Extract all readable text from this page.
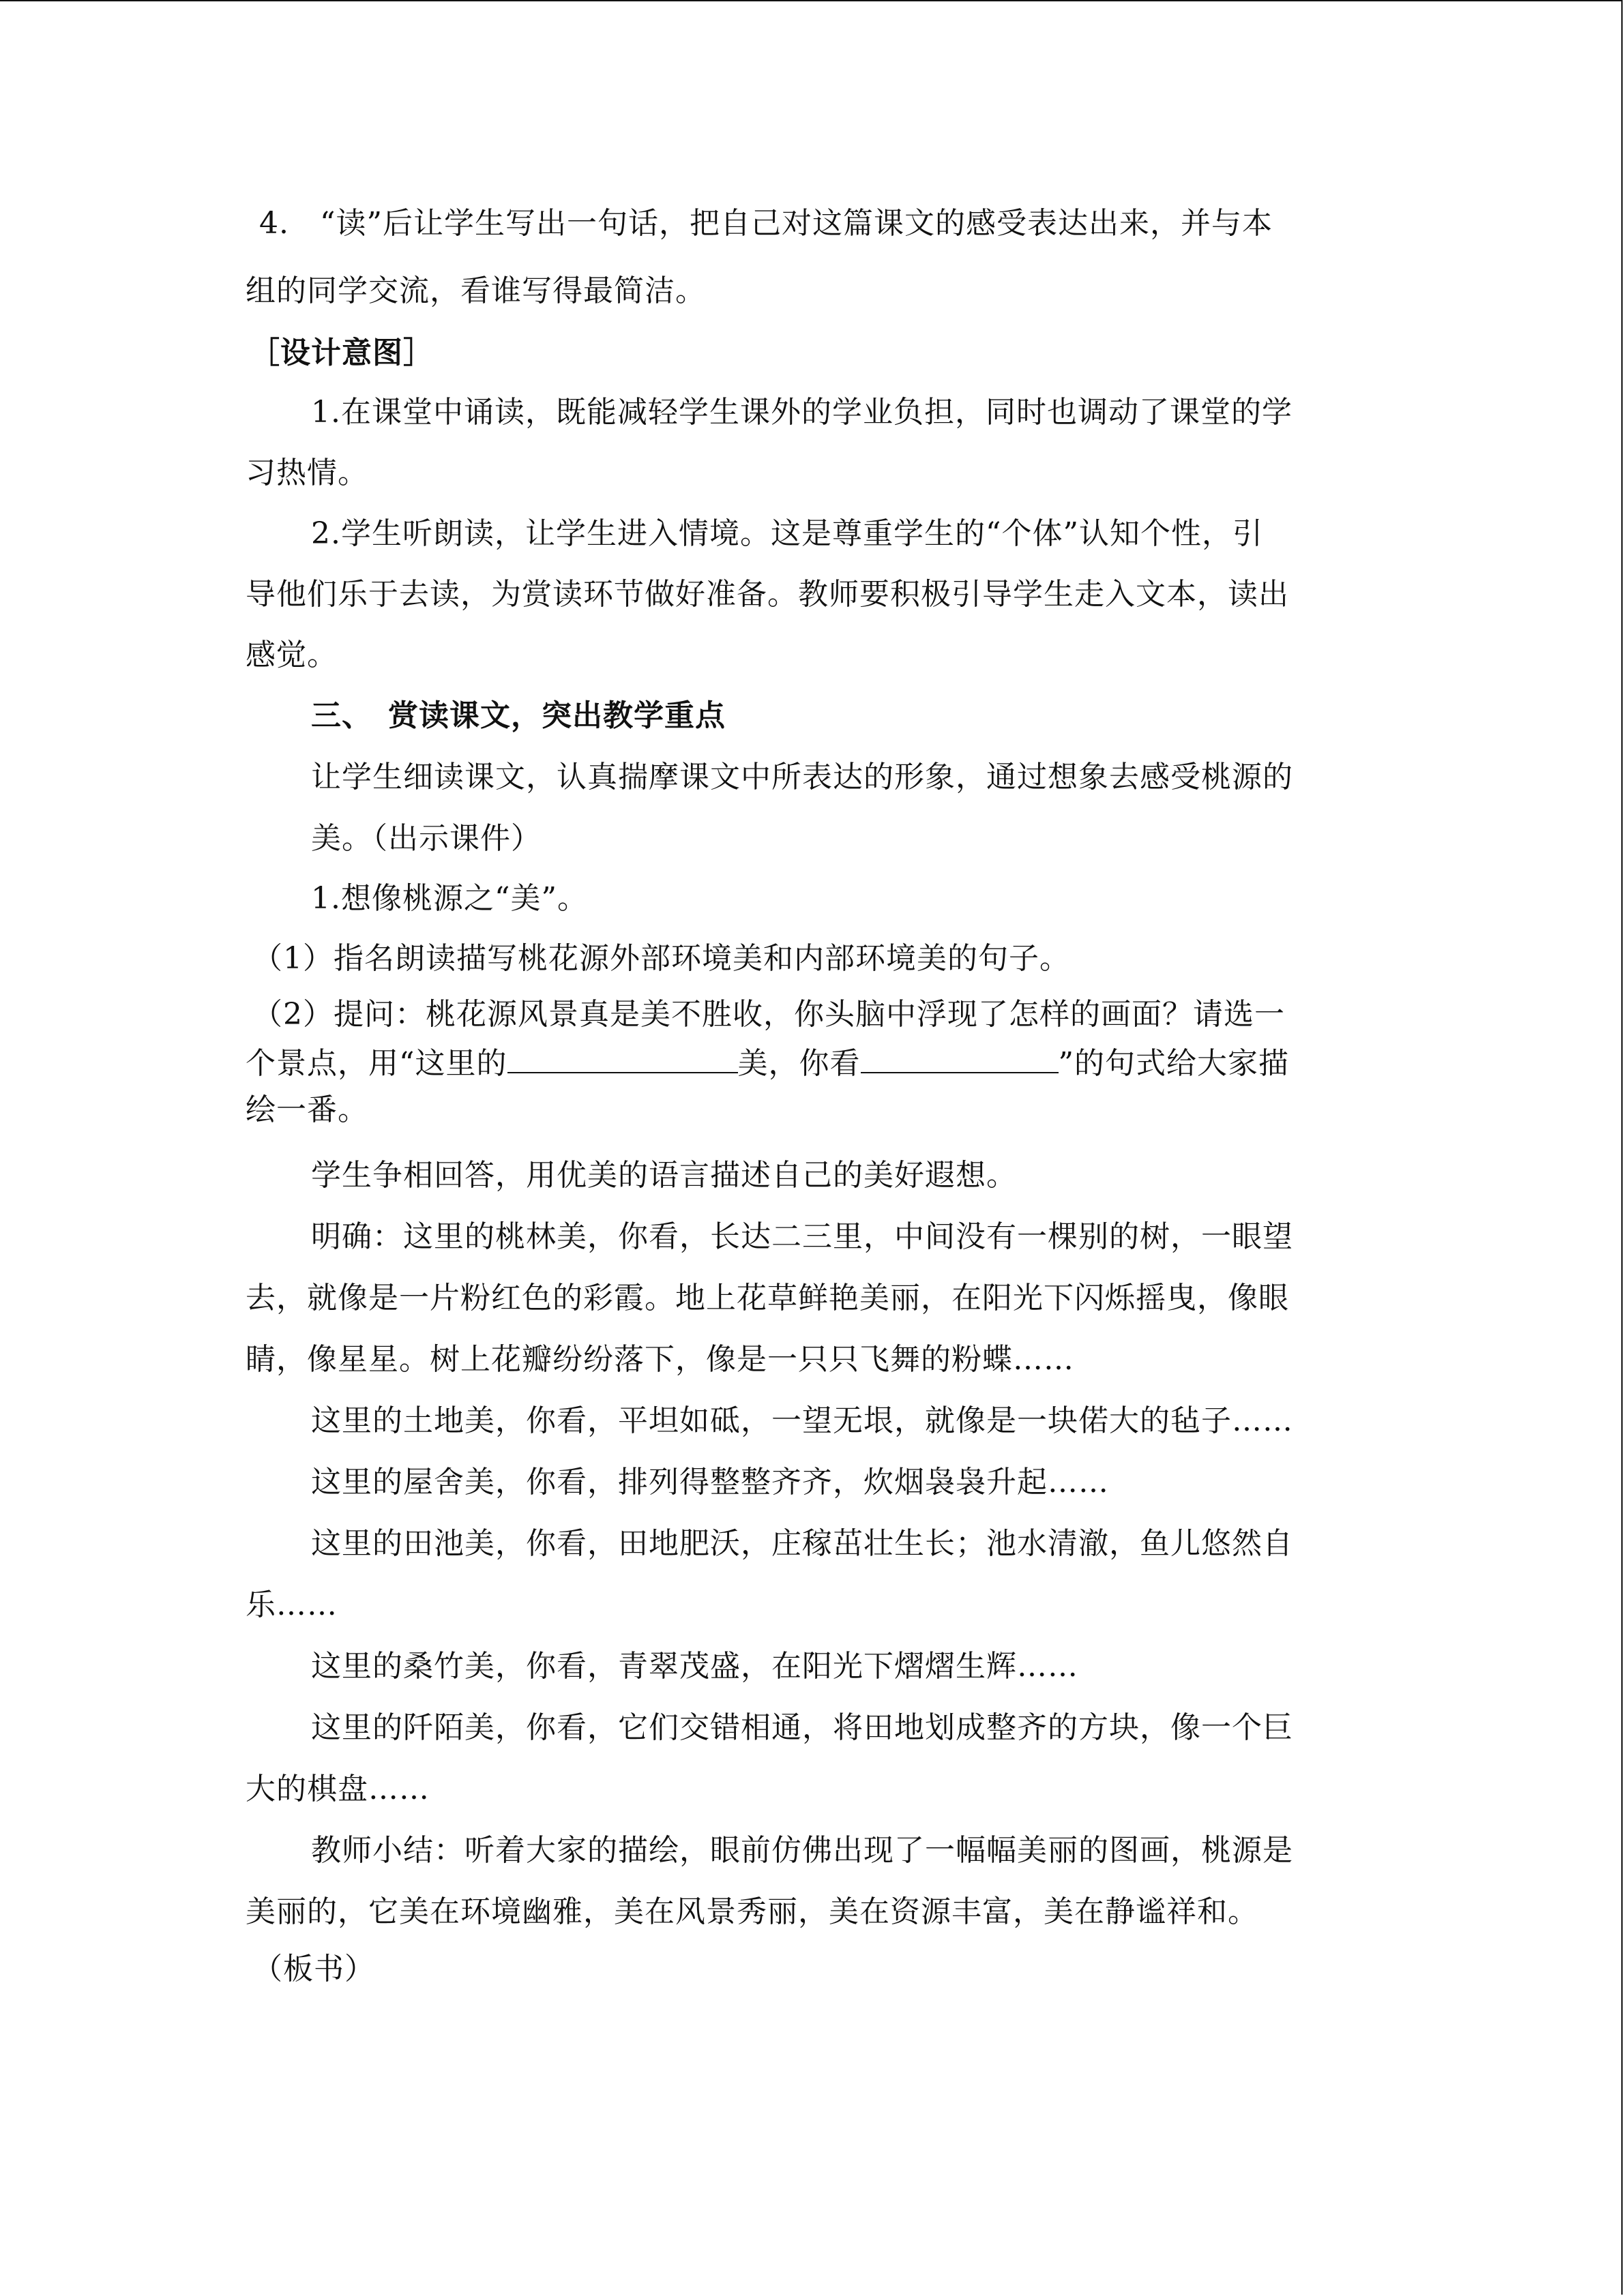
4.　“读”后让学生写出一句话，把自己对这篇课文的感受表达出来，并与本
组的同学交流，看谁写得最简洁。
［设计意图］
1.在课堂中诵读，既能减轻学生课外的学业负担，同时也调动了课堂的学
习热情。
2.学生听朗读，让学生进入情境。这是尊重学生的“个体”认知个性，引
导他们乐于去读，为赏读环节做好准备。教师要积极引导学生走入文本，读出
感觉。
三、　赏读课文，突出教学重点
让学生细读课文，认真揣摩课文中所表达的形象，通过想象去感受桃源的
美。（出示课件）
1.想像桃源之“美”。
（1）指名朗读描写桃花源外部环境美和内部环境美的句子。
（2）提问：桃花源风景真是美不胜收，你头脑中浮现了怎样的画面？请选一
个景点，用“这里的	美，你看	”的句式给大家描
绘一番。
学生争相回答，用优美的语言描述自己的美好遐想。
明确：这里的桃林美，你看，长达二三里，中间没有一棵别的树，一眼望
去，就像是一片粉红色的彩霞。地上花草鲜艳美丽，在阳光下闪烁摇曳，像眼
睛，像星星。树上花瓣纷纷落下，像是一只只飞舞的粉蝶……
这里的土地美，你看，平坦如砥，一望无垠，就像是一块偌大的毡子……
这里的屋舍美，你看，排列得整整齐齐，炊烟袅袅升起……
这里的田池美，你看，田地肥沃，庄稼茁壮生长；池水清澈，鱼儿悠然自
乐……
这里的桑竹美，你看，青翠茂盛，在阳光下熠熠生辉……
这里的阡陌美，你看，它们交错相通，将田地划成整齐的方块，像一个巨
大的棋盘……
教师小结：听着大家的描绘，眼前仿佛出现了一幅幅美丽的图画，桃源是
美丽的，它美在环境幽雅，美在风景秀丽，美在资源丰富，美在静谧祥和。
（板书）
